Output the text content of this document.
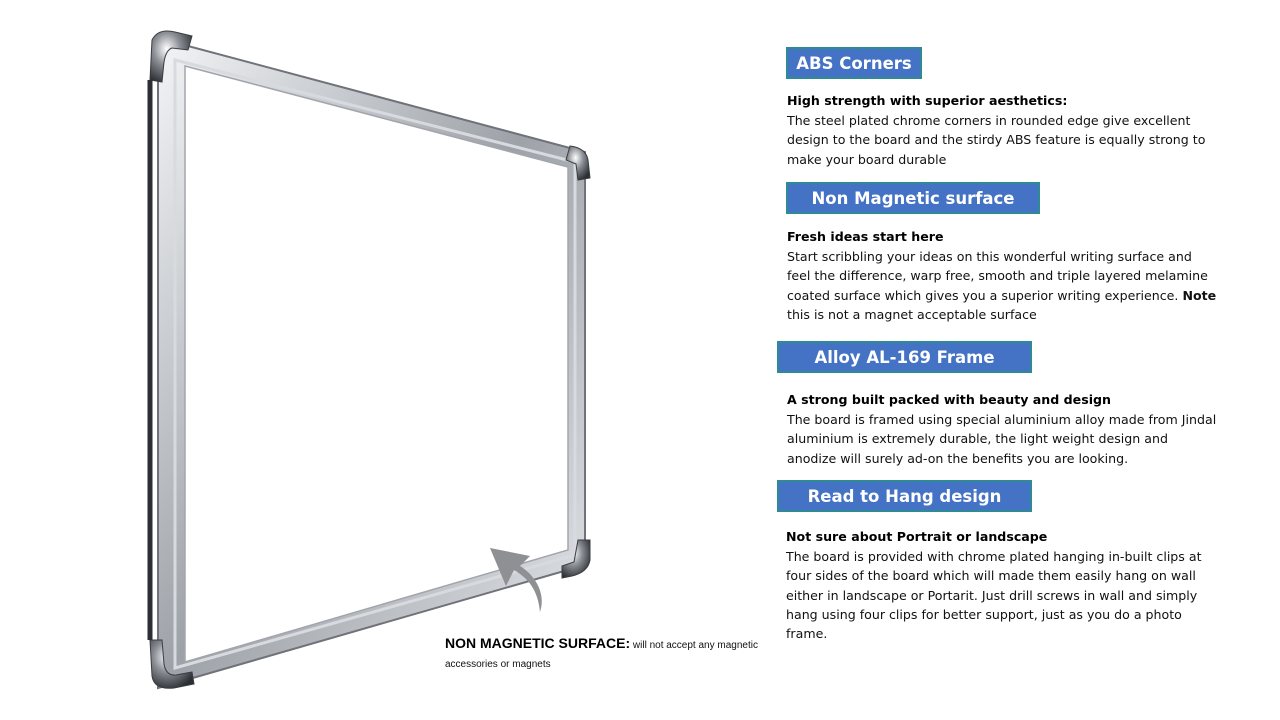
NON MAGNETIC SURFACE: will not accept any magnetic accessories or magnets
ABS Corners
High strength with superior aesthetics:
The steel plated chrome corners in rounded edge give excellent design to the board and the stirdy ABS feature is equally strong to make your board durable
Non Magnetic surface
Fresh ideas start here
Start scribbling your ideas on this wonderful writing surface and feel the difference, warp free, smooth and triple layered melamine coated surface which gives you a superior writing experience. Note this is not a magnet acceptable surface
Alloy AL-169 Frame
A strong built packed with beauty and design
The board is framed using special aluminium alloy made from Jindal aluminium is extremely durable, the light weight design and anodize will surely ad-on the benefits you are looking.
Read to Hang design
Not sure about Portrait or landscape
The board is provided with chrome plated hanging in-built clips at four sides of the board which will made them easily hang on wall either in landscape or Portarit. Just drill screws in wall and simply hang using four clips for better support, just as you do a photo frame.
